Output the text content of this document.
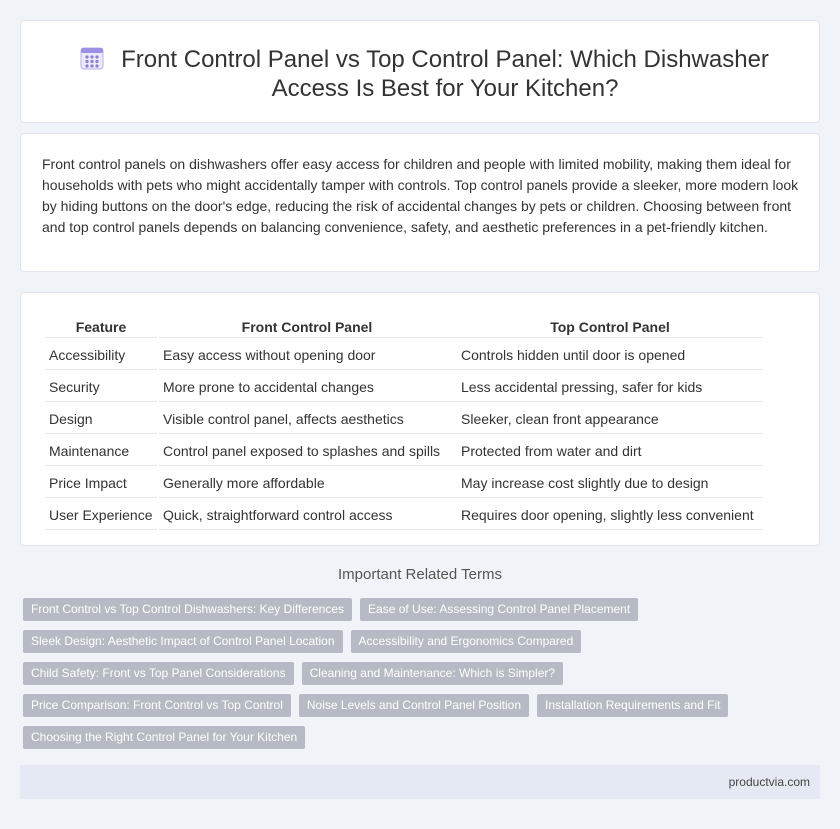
Front Control Panel vs Top Control Panel: Which Dishwasher Access Is Best for Your Kitchen?

Front control panels on dishwashers offer easy access for children and people with limited mobility, making them ideal for households with pets who might accidentally tamper with controls. Top control panels provide a sleeker, more modern look by hiding buttons on the door's edge, reducing the risk of accidental changes by pets or children. Choosing between front and top control panels depends on balancing convenience, safety, and aesthetic preferences in a pet-friendly kitchen.

Feature	Front Control Panel	Top Control Panel
Accessibility	Easy access without opening door	Controls hidden until door is opened
Security	More prone to accidental changes	Less accidental pressing, safer for kids
Design	Visible control panel, affects aesthetics	Sleeker, clean front appearance
Maintenance	Control panel exposed to splashes and spills	Protected from water and dirt
Price Impact	Generally more affordable	May increase cost slightly due to design
User Experience	Quick, straightforward control access	Requires door opening, slightly less convenient
Important Related Terms
Front Control vs Top Control Dishwashers: Key Differences	Ease of Use: Assessing Control Panel Placement
Sleek Design: Aesthetic Impact of Control Panel Location	Accessibility and Ergonomics Compared
Child Safety: Front vs Top Panel Considerations	Cleaning and Maintenance: Which is Simpler?
Price Comparison: Front Control vs Top Control	Noise Levels and Control Panel Position	Installation Requirements and Fit
Choosing the Right Control Panel for Your Kitchen
productvia.com
